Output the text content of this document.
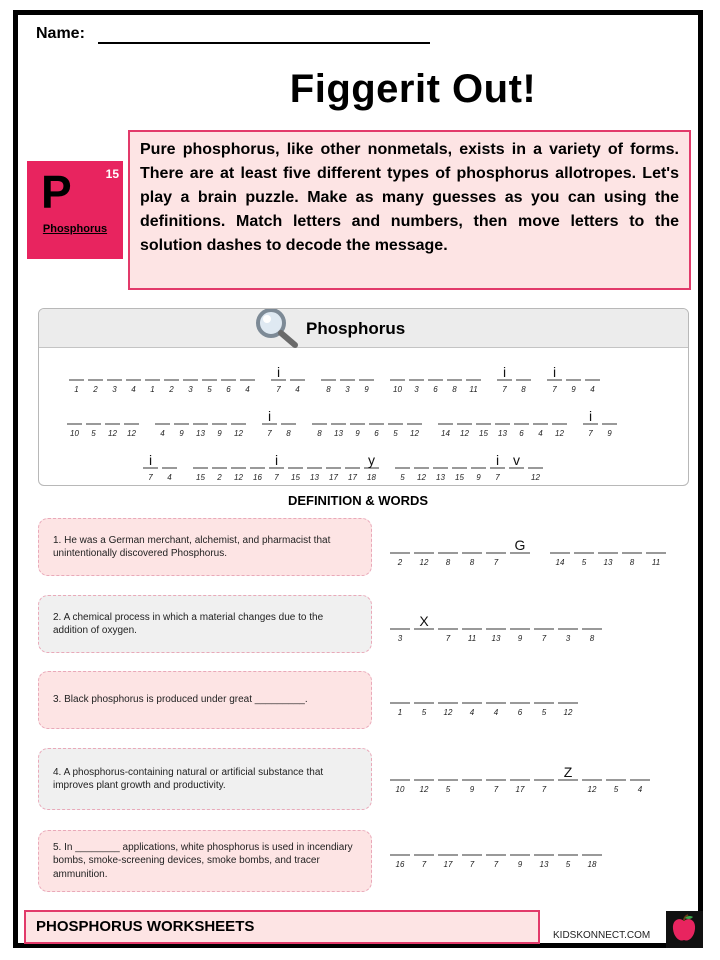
Name:
Figgerit Out!
P	15
Phosphorus
Pure phosphorus, like other nonmetals, exists in a variety of forms. There are at least five different types of phosphorus allotropes. Let's play a brain puzzle. Make as many guesses as you can using the definitions. Match letters and numbers, then move letters to the solution dashes to decode the message.
Phosphorus
1 2 3 4 1 2 3 5 6 4
i
7 4	8 3 9	10 3 6 8 11
i
7 8
i
7 9 4
10 5 12 12	4 9 13 9 12
i
7 8	8 13 9 6 5 12	14 12 15 13 6 4 12
i
7 9
i
7 4	15 2 12 16
i
7 15 13 17 17
y
18	5 12 13 15 9
i
7
v
12
DEFINITION & WORDS
1. He was a German merchant, alchemist, and pharmacist that unintentionally discovered Phosphorus.
2. A chemical process in which a material changes due to the addition of oxygen.
3. Black phosphorus is produced under great _________.
4. A phosphorus-containing natural or artificial substance that improves plant growth and productivity.
5. In ________ applications, white phosphorus is used in incendiary bombs, smoke-screening devices, smoke bombs, and tracer ammunition.
2 12 8 8 7
G
14 5 13 8 11
3
X
7 11 13 9 7 3 8
1 5 12 4 4 6 5 12
10 12 5 9 7 17 7
Z
12 5 4
16 7 17 7 7 9 13 5 18
PHOSPHORUS WORKSHEETS
KIDSKONNECT.COM
